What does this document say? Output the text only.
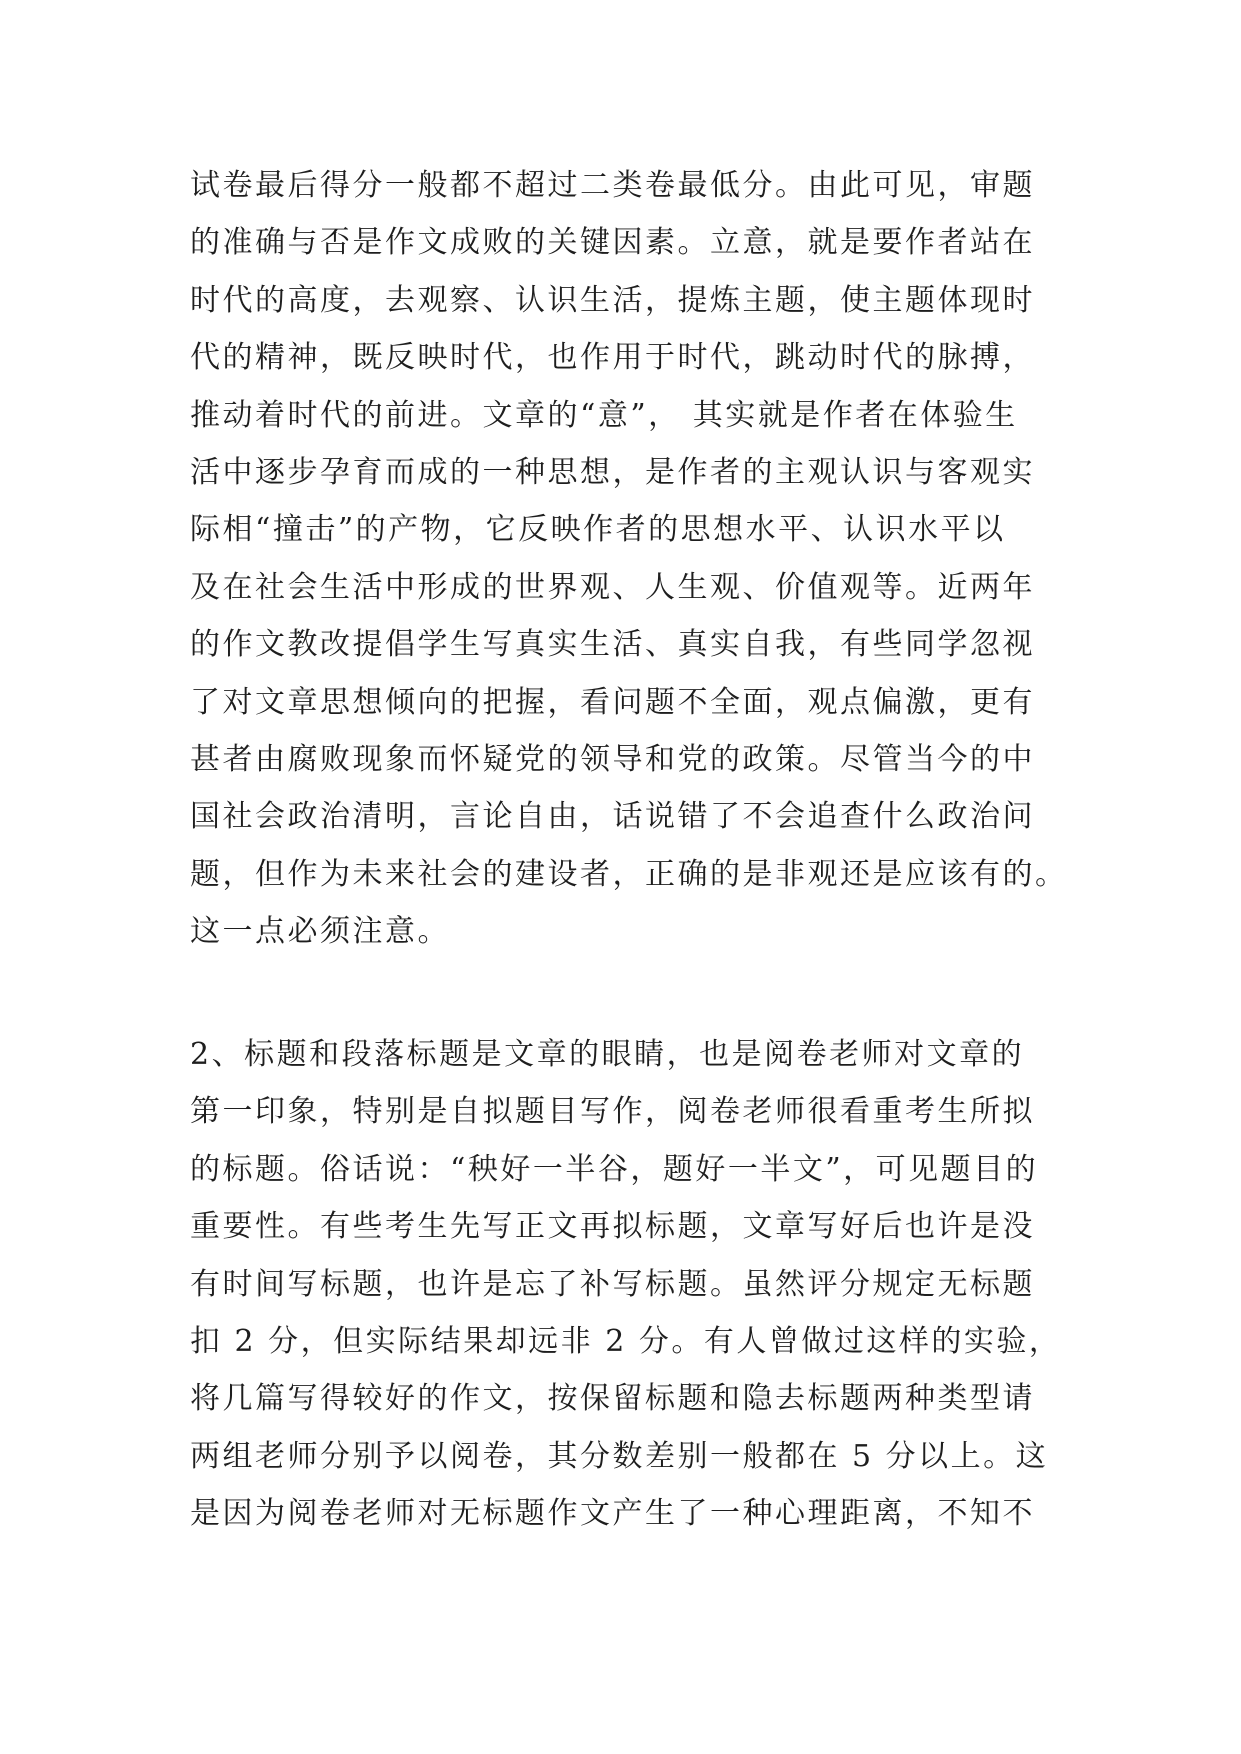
试卷最后得分一般都不超过二类卷最低分。由此可见，审题
的准确与否是作文成败的关键因素。立意，就是要作者站在
时代的高度，去观察、认识生活，提炼主题，使主题体现时
代的精神，既反映时代，也作用于时代，跳动时代的脉搏，
推动着时代的前进。文章的“意”， 其实就是作者在体验生
活中逐步孕育而成的一种思想，是作者的主观认识与客观实
际相“撞击”的产物，它反映作者的思想水平、认识水平以
及在社会生活中形成的世界观、人生观、价值观等。近两年
的作文教改提倡学生写真实生活、真实自我，有些同学忽视
了对文章思想倾向的把握，看问题不全面，观点偏激，更有
甚者由腐败现象而怀疑党的领导和党的政策。尽管当今的中
国社会政治清明，言论自由，话说错了不会追查什么政治问
题，但作为未来社会的建设者，正确的是非观还是应该有的。
这一点必须注意。
2、标题和段落标题是文章的眼睛，也是阅卷老师对文章的
第一印象，特别是自拟题目写作，阅卷老师很看重考生所拟
的标题。俗话说：“秧好一半谷，题好一半文”，可见题目的
重要性。有些考生先写正文再拟标题，文章写好后也许是没
有时间写标题，也许是忘了补写标题。虽然评分规定无标题
扣 2 分，但实际结果却远非 2 分。有人曾做过这样的实验，
将几篇写得较好的作文，按保留标题和隐去标题两种类型请
两组老师分别予以阅卷，其分数差别一般都在 5 分以上。这
是因为阅卷老师对无标题作文产生了一种心理距离，不知不
